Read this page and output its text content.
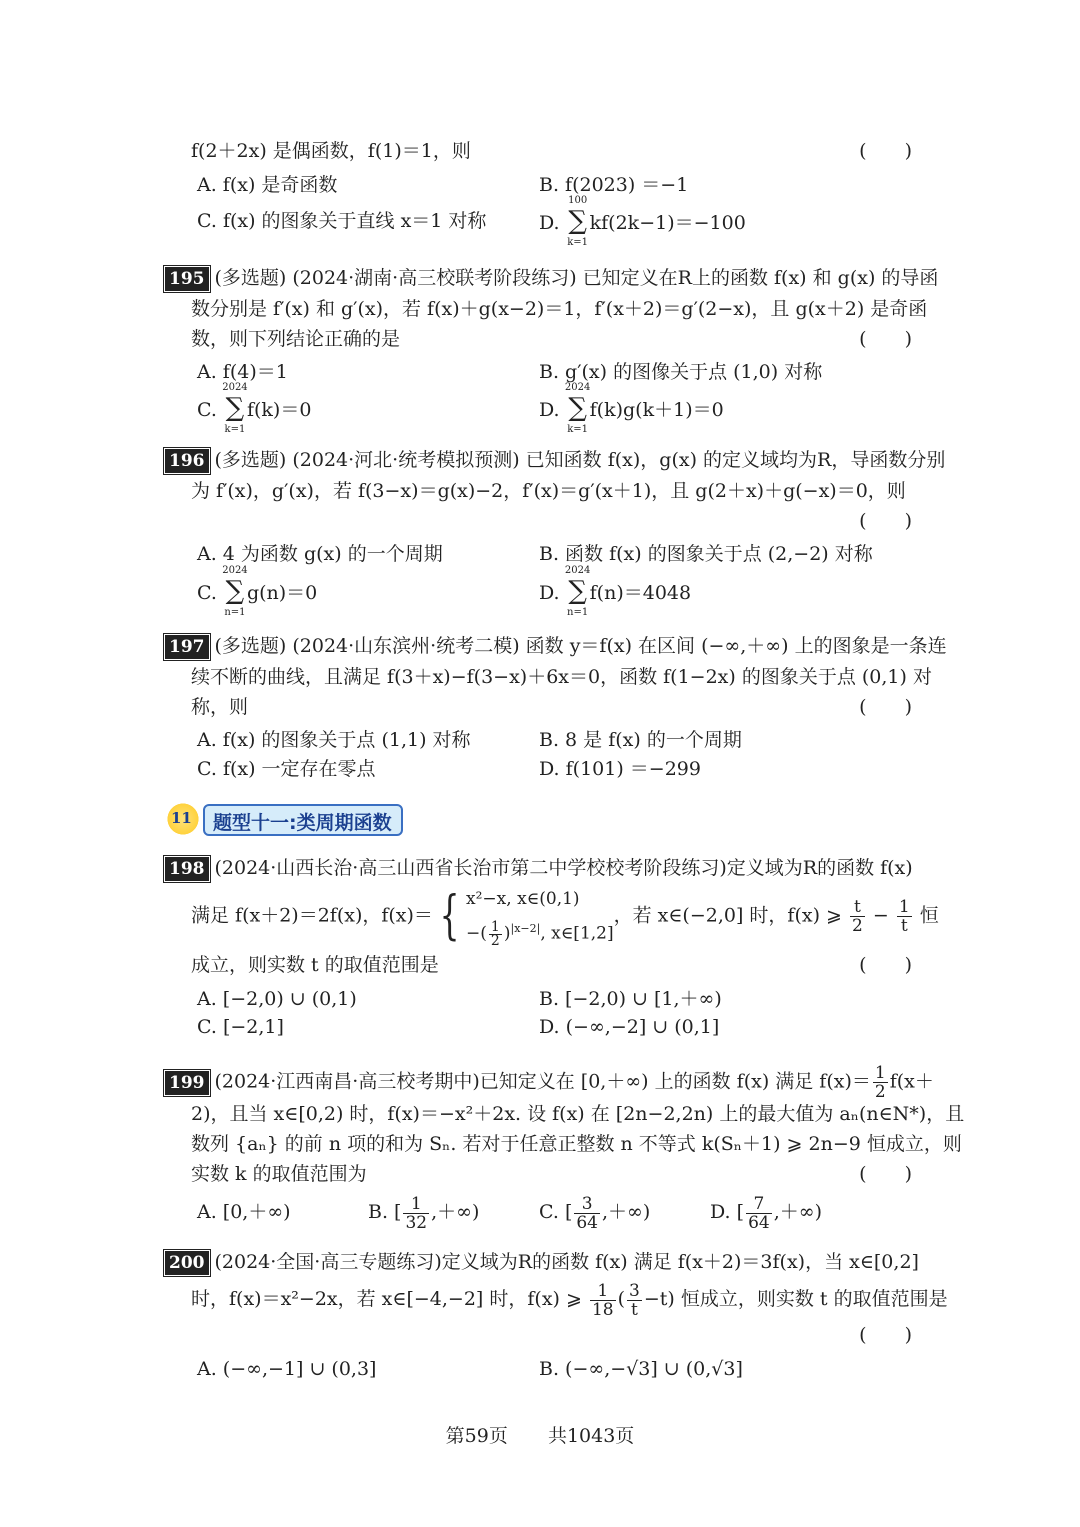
f(2＋2x) 是偶函数，f(1)＝1，则	(　　)
A. f(x) 是奇函数	B. f(2023) ＝−1
C. f(x) 的图象关于直线 x＝1 对称	D.
100
∑
k=1
kf(2k−1)＝−100
195 (多选题) (2024·湖南·高三校联考阶段练习) 已知定义在R上的函数 f(x) 和 g(x) 的导函
数分别是 f′(x) 和 g′(x)，若 f(x)＋g(x−2)＝1，f′(x＋2)＝g′(2−x)，且 g(x＋2) 是奇函
数，则下列结论正确的是	(　　)
A. f(4)＝1	B. g′(x) 的图像关于点 (1,0) 对称
C.
2024
∑
k=1
f(k)＝0	D.
2024
∑
k=1
f(k)g(k＋1)＝0
196 (多选题) (2024·河北·统考模拟预测) 已知函数 f(x)，g(x) 的定义域均为R，导函数分别
为 f′(x)，g′(x)，若 f(3−x)＝g(x)−2，f′(x)＝g′(x＋1)，且 g(2＋x)＋g(−x)＝0，则
(　　)
A. 4 为函数 g(x) 的一个周期	B. 函数 f(x) 的图象关于点 (2,−2) 对称
C.
2024
∑
n=1
g(n)＝0	D.
2024
∑
n=1
f(n)＝4048
197 (多选题) (2024·山东滨州·统考二模) 函数 y＝f(x) 在区间 (−∞,＋∞) 上的图象是一条连
续不断的曲线，且满足 f(3＋x)−f(3−x)＋6x＝0，函数 f(1−2x) 的图象关于点 (0,1) 对
称，则	(　　)
A. f(x) 的图象关于点 (1,1) 对称	B. 8 是 f(x) 的一个周期
C. f(x) 一定存在零点	D. f(101) ＝−299
11 题型十一:类周期函数
198 (2024·山西长治·高三山西省长治市第二中学校校考阶段练习)定义域为R的函数 f(x)
满足 f(x＋2)＝2f(x)，f(x)＝ { x²−x, x∈(0,1)
−( $\frac{1}{2} )^{|x-2|}$, x∈[1,2]
，若 x∈(−2,0] 时，f(x) ⩾ $\frac{t}{2} - \frac{1}{t}$ 恒
成立，则实数 t 的取值范围是	(　　)
A. [−2,0) ∪ (0,1)	B. [−2,0) ∪ [1,＋∞)
C. [−2,1]	D. (−∞,−2] ∪ (0,1]
199 (2024·江西南昌·高三校考期中)已知定义在 [0,＋∞) 上的函数 f(x) 满足 $f(x)= \frac{1}{2} f(x+$
2)，且当 x∈[0,2) 时，f(x)＝−x²＋2x. 设 f(x) 在 [2n−2,2n) 上的最大值为 aₙ(n∈N*)，且
数列 {aₙ} 的前 n 项的和为 Sₙ. 若对于任意正整数 n 不等式 k(Sₙ＋1) ⩾ 2n−9 恒成立，则
实数 k 的取值范围为	(　　)
A. [0,＋∞)	B. [ $\frac{1}{32}$ ,＋∞)	C. [ $\frac{3}{64}$ ,＋∞)	D. [ $\frac{7}{64}$ ,＋∞)
200 (2024·全国·高三专题练习)定义域为R的函数 f(x) 满足 f(x＋2)＝3f(x)，当 x∈[0,2]
时，f(x)＝x²−2x，若 x∈[−4,−2] 时，f(x) ⩾ $\frac{1}{18}$ ( $\frac{3}{t} -t$) 恒成立，则实数 t 的取值范围是
(　　)
A. (−∞,−1] ∪ (0,3]	B. (−∞,−√3] ∪ (0,√3]
第59页 共1043页
